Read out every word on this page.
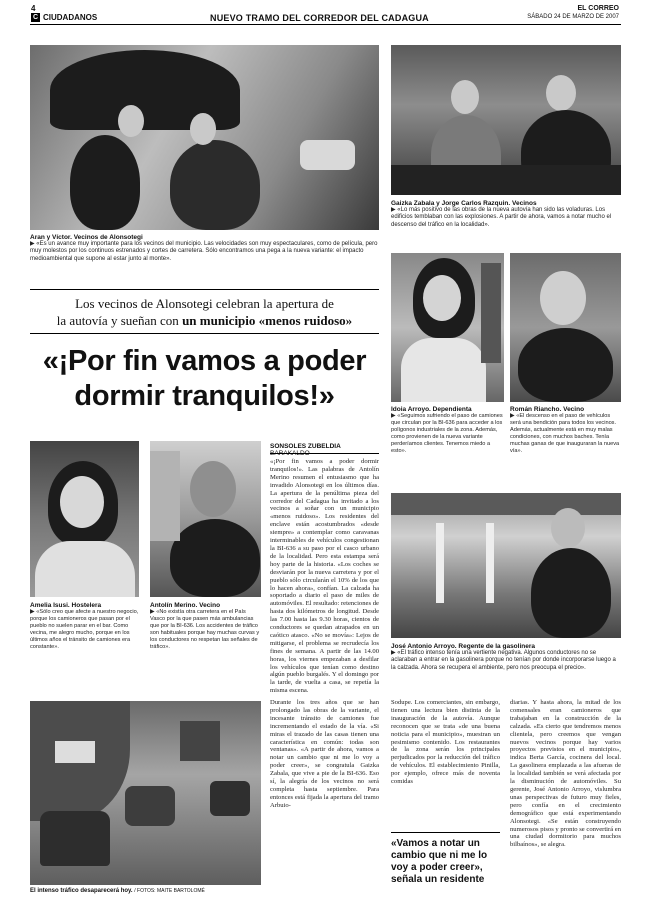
4
C CIUDADANOS	NUEVO TRAMO DEL CORREDOR DEL CADAGUA
EL CORREO
SÁBADO 24 DE MARZO DE 2007
Aran y Víctor. Vecinos de Alonsotegi
▶ «Es un avance muy importante para los vecinos del municipio. Las velocidades son muy espectaculares, como de película, pero muy molestos por los continuos estrenados y cortes de carretera. Sólo encontramos una pega a la nueva variante: el impacto medioambiental que supone al estar junto al monte».
Gaizka Zabala y Jorge Carlos Razquin. Vecinos
▶ «Lo más positivo de las obras de la nueva autovía han sido las voladuras. Los edificios temblaban con las explosiones. A partir de ahora, vamos a notar mucho el descenso del tráfico en la localidad».
Los vecinos de Alonsotegi celebran la apertura de
la autovía y sueñan con un municipio «menos ruidoso»
«¡Por fin vamos a poder
dormir tranquilos!»	Idoia Arroyo. Dependienta
▶ «Seguimos sufriendo el paso de camiones que circulan por la BI-636 para acceder a los polígonos industriales de la zona. Además, como provienen de la nueva variante perderíamos clientes. Tenemos miedo a esto».
Román Riancho. Vecino
▶ «El descenso en el paso de vehículos será una bendición para todos los vecinos. Además, actualmente está en muy malas condiciones, con muchos baches. Tenía muchas ganas de que inauguraran la nueva vía».
Amelia Isusi. Hostelera
▶ «Sólo creo que afecte a nuestro negocio, porque los camioneros que pasan por el pueblo no suelen parar en el bar. Como vecina, me alegro mucho, porque en los últimos años el tránsito de camiones era constante».
Antolín Merino. Vecino
▶ «No existía otra carretera en el País Vasco por la que pasen más ambulancias que por la BI-636. Los accidentes de tráfico son habituales porque hay muchas curvas y los conductores no respetan las señales de tráfico».
SONSOLES ZUBELDIA
«¡Por fin vamos a poder dormir tranquilos!». Las palabras de Antolín Merino resumen el entusiasmo que ha invadido Alonsotegi en los últimos días. La apertura de la penúltima pieza del corredor del Cadagua ha invitado a los vecinos a soñar con un municipio «menos ruidoso». Los residentes del enclave están acostumbrados «desde siempre» a contemplar como caravanas interminables de vehículos congestionan la BI-636 a su paso por el casco urbano de la localidad. Pero esta estampa será hoy parte de la historia. «Los coches se desviarán por la nueva carretera y por el pueblo sólo circularán el 10% de los que lo hacen ahora», confían. La calzada ha soportado a diario el paso de miles de automóviles. El resultado: retenciones de hasta dos kilómetros de longitud. Desde las 7.00 hasta las 9.30 horas, cientos de conductores se quedan atrapados en un caótico atasco. «No se movía»: Lejos de mitigarse, el problema se recrudecía los fines de semana. A partir de las 14.00 horas, los viernes empezaban a desfilar los vehículos que tenían como destino algún pueblo burgalés. Y el domingo por la tarde, de vuelta a casa, se repetía la misma escena.
José Antonio Arroyo. Regente de la gasolinera
▶ «El tráfico intenso tenía una vertiente negativa. Algunos conductores no se aclaraban a entrar en la gasolinera porque no tenían por donde incorporarse luego a la calzada. Ahora se recupera el ambiente, pero nos preocupa el precio».
El intenso tráfico desaparecerá hoy. / FOTOS: MAITE BARTOLOMÉ
Durante los tres años que se han prolongado las obras de la variante, el incesante tránsito de camiones fue incrementando el estado de la vía. «Si miras el trazado de las casas tienen una característica en común: todas son ventanas». «A partir de ahora, vamos a notar un cambio que ni me lo voy a poder creer», se congratula Gaizka Zabala, que vive a pie de la BI-636. Eso sí, la alegría de los vecinos no será completa hasta septiembre. Para entonces está fijada la apertura del tramo Arbuio-
Sodupe. Los comerciantes, sin embargo, tienen una lectura bien distinta de la inauguración de la autovía. Aunque reconocen que se trata «de una buena noticia para el municipio», muestran un pesimismo contenido. Los restaurantes de la zona serán los principales perjudicados por la reducción del tráfico de vehículos. El establecimiento Pinilla, por ejemplo, ofrece más de noventa comidas
diarias. Y hasta ahora, la mitad de los comensales eran camioneros que trabajaban en la construcción de la calzada. «Es cierto que tendremos menos clientela, pero creemos que vengan nuevos vecinos porque hay varios proyectos previstos en el municipio», indica Berta García, cocinera del local. La gasolinera emplazada a las afueras de la localidad también se verá afectada por la disminución de automóviles. Su gerente, José Antonio Arroyo, vislumbra unas perspectivas de futuro muy fieles, pero confía en el crecimiento demográfico que está experimentando Alonsotegi. «Se están construyendo numerosos pisos y pronto se convertirá en una ciudad dormitorio para muchos bilbaínos», se alegra.
«Vamos a notar un cambio que ni me lo voy a poder creer», señala un residente
